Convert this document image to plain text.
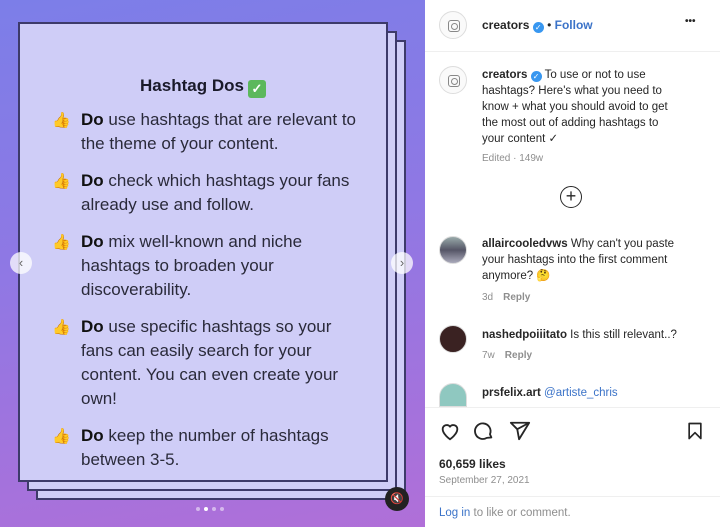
Hashtag Dos ✓
👍 Do use hashtags that are relevant to the theme of your content.
👍 Do check which hashtags your fans already use and follow.
👍 Do mix well-known and niche hashtags to broaden your discoverability.
👍 Do use specific hashtags so your fans can easily search for your content. You can even create your own!
👍 Do keep the number of hashtags between 3-5.
‹	›
🔇
creators ✓ • Follow	•••
creators ✓ To use or not to use hashtags? Here's what you need to know + what you should avoid to get the most out of adding hashtags to your content ✓
Edited · 149w
+
allaircooledvws Why can't you paste your hashtags into the first comment anymore? 🤔
3d Reply
nashedpoiiitato Is this still relevant..?
7w Reply
prsfelix.art @artiste_chris
60,659 likes
September 27, 2021
Log in to like or comment.
